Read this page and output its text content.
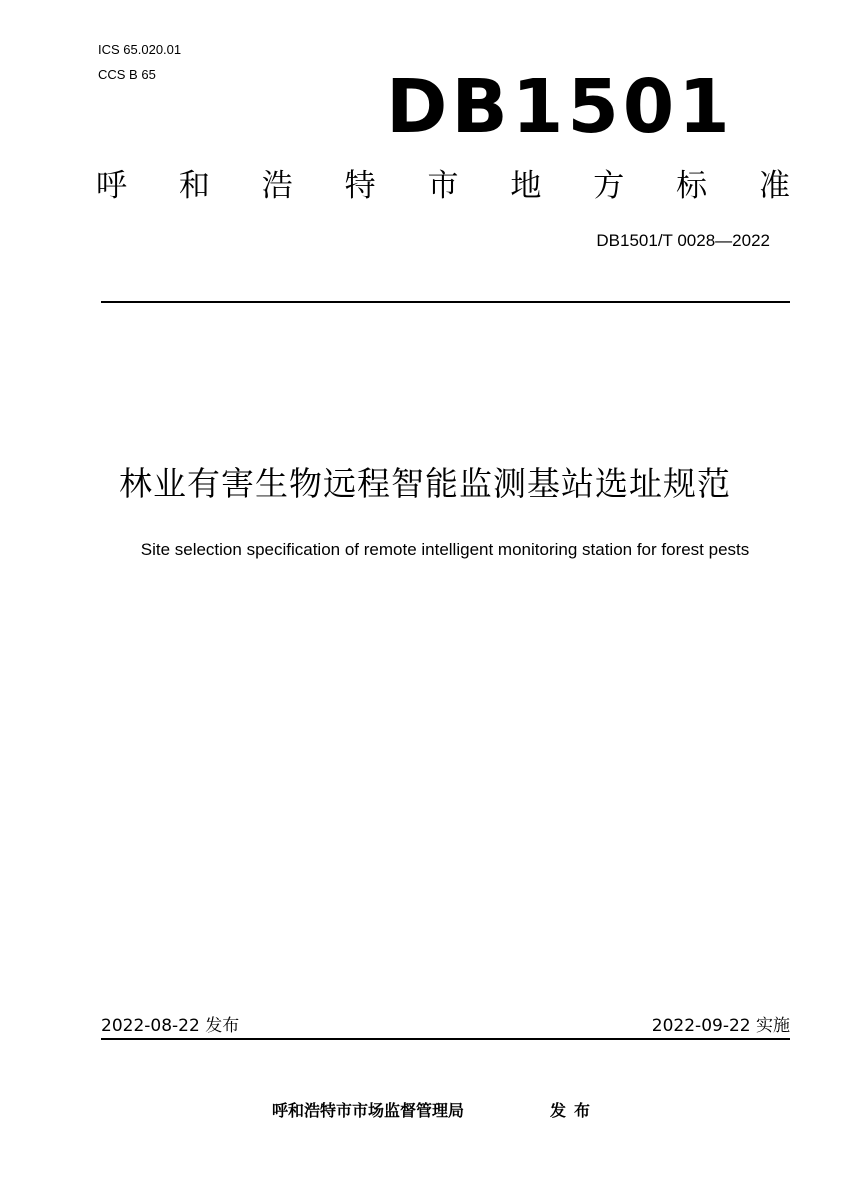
ICS 65.020.01
CCS B 65	DB1501
呼 和 浩 特 市 地 方 标 准
DB1501/T 0028—2022
林业有害生物远程智能监测基站选址规范
Site selection specification of remote intelligent monitoring station for forest pests
2022-08-22 发布	2022-09-22 实施
呼和浩特市市场监督管理局	发布
